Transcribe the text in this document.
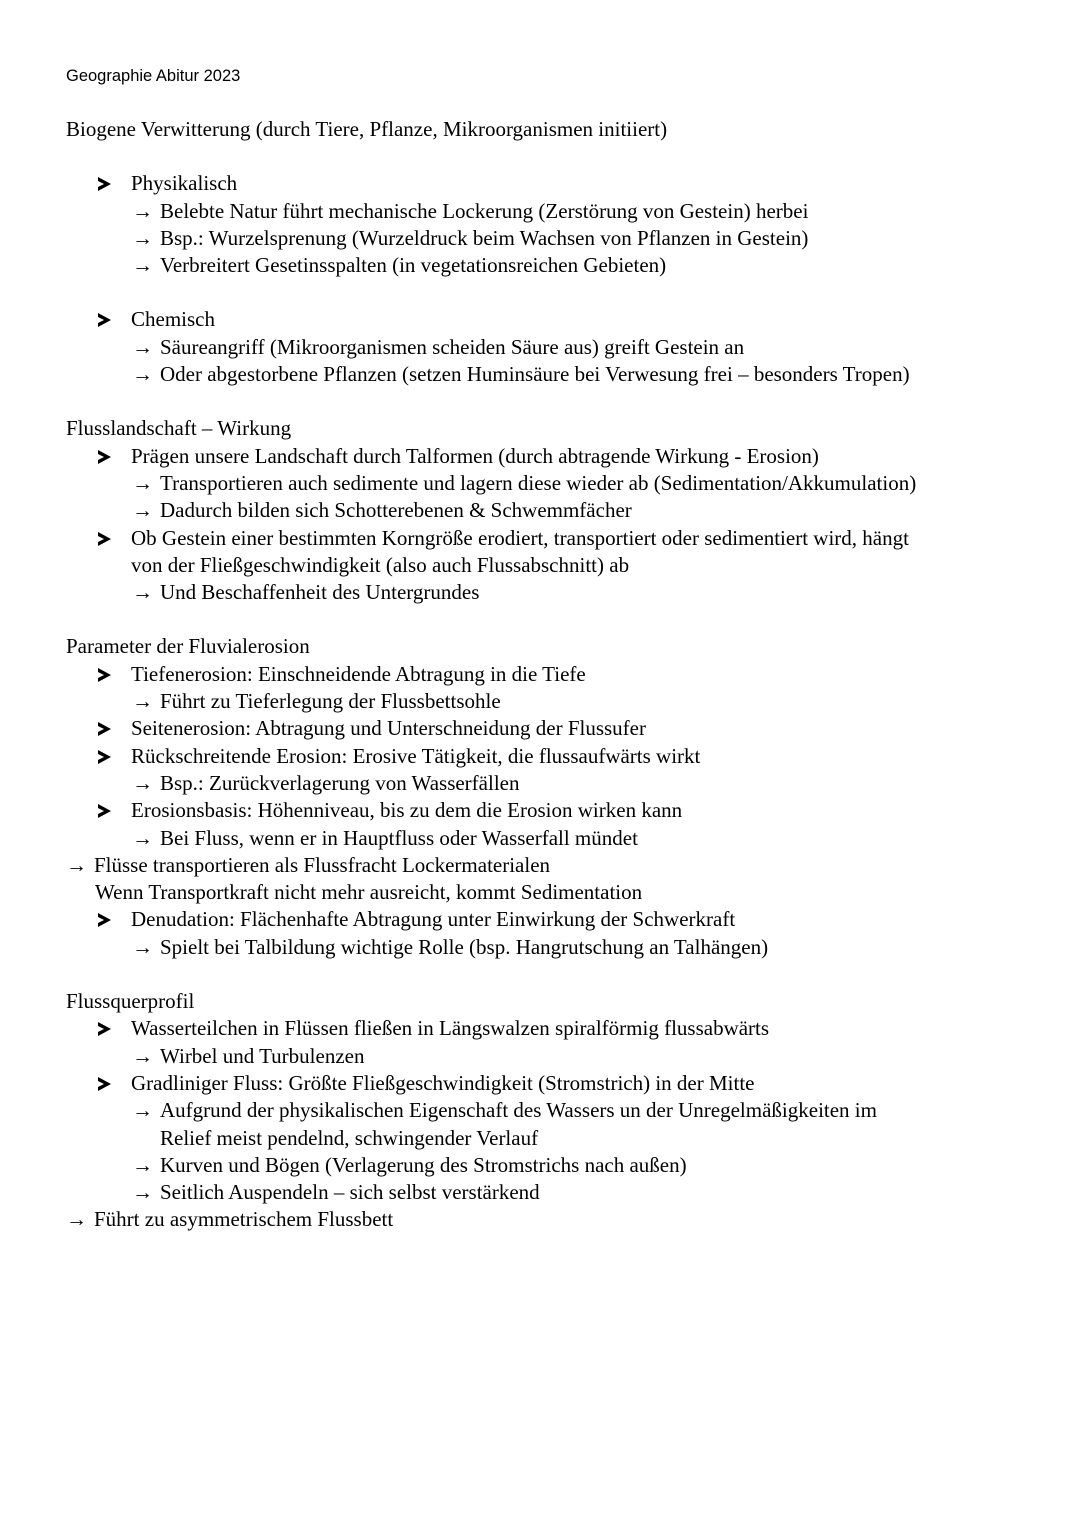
Geographie Abitur 2023
Biogene Verwitterung (durch Tiere, Pflanze, Mikroorganismen initiiert)
Physikalisch
→ Belebte Natur führt mechanische Lockerung (Zerstörung von Gestein) herbei
→ Bsp.: Wurzelsprenung (Wurzeldruck beim Wachsen von Pflanzen in Gestein)
→ Verbreitert Gesetinsspalten (in vegetationsreichen Gebieten)
Chemisch
→ Säureangriff (Mikroorganismen scheiden Säure aus) greift Gestein an
→ Oder abgestorbene Pflanzen (setzen Huminsäure bei Verwesung frei – besonders Tropen)
Flusslandschaft – Wirkung
Prägen unsere Landschaft durch Talformen (durch abtragende Wirkung - Erosion)
→ Transportieren auch sedimente und lagern diese wieder ab (Sedimentation/Akkumulation)
→ Dadurch bilden sich Schotterebenen & Schwemmfächer
Ob Gestein einer bestimmten Korngröße erodiert, transportiert oder sedimentiert wird, hängt
von der Fließgeschwindigkeit (also auch Flussabschnitt) ab
→ Und Beschaffenheit des Untergrundes
Parameter der Fluvialerosion
Tiefenerosion: Einschneidende Abtragung in die Tiefe
→ Führt zu Tieferlegung der Flussbettsohle
Seitenerosion: Abtragung und Unterschneidung der Flussufer
Rückschreitende Erosion: Erosive Tätigkeit, die flussaufwärts wirkt
→ Bsp.: Zurückverlagerung von Wasserfällen
Erosionsbasis: Höhenniveau, bis zu dem die Erosion wirken kann
→ Bei Fluss, wenn er in Hauptfluss oder Wasserfall mündet
→ Flüsse transportieren als Flussfracht Lockermaterialen
Wenn Transportkraft nicht mehr ausreicht, kommt Sedimentation
Denudation: Flächenhafte Abtragung unter Einwirkung der Schwerkraft
→ Spielt bei Talbildung wichtige Rolle (bsp. Hangrutschung an Talhängen)
Flussquerprofil
Wasserteilchen in Flüssen fließen in Längswalzen spiralförmig flussabwärts
→ Wirbel und Turbulenzen
Gradliniger Fluss: Größte Fließgeschwindigkeit (Stromstrich) in der Mitte
→ Aufgrund der physikalischen Eigenschaft des Wassers un der Unregelmäßigkeiten im
Relief meist pendelnd, schwingender Verlauf
→ Kurven und Bögen (Verlagerung des Stromstrichs nach außen)
→ Seitlich Auspendeln – sich selbst verstärkend
→ Führt zu asymmetrischem Flussbett
